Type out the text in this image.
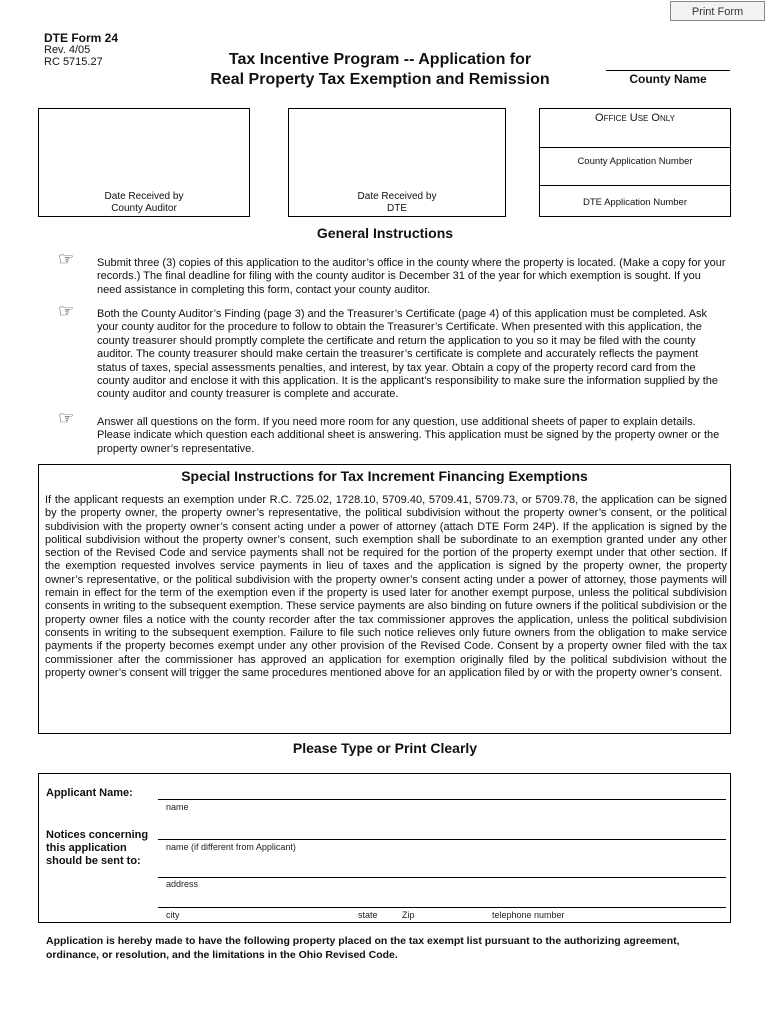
Print Form
DTE Form 24
Rev. 4/05
RC 5715.27	Tax Incentive Program -- Application for
Real Property Tax Exemption and Remission	County Name
Date Received by
County Auditor
Date Received by
DTE
Office Use Only
County Application Number
DTE Application Number
General Instructions
☞ Submit three (3) copies of this application to the auditor’s office in the county where the property is located. (Make a copy for your records.) The final deadline for filing with the county auditor is December 31 of the year for which exemption is sought. If you need assistance in completing this form, contact your county auditor.
☞ Both the County Auditor’s Finding (page 3) and the Treasurer’s Certificate (page 4) of this application must be completed. Ask your county auditor for the procedure to follow to obtain the Treasurer’s Certificate. When presented with this application, the county treasurer should promptly complete the certificate and return the application to you so it may be filed with the county auditor. The county treasurer should make certain the treasurer’s certificate is complete and accurately reflects the payment status of taxes, special assessments penalties, and interest, by tax year. Obtain a copy of the property record card from the county auditor and enclose it with this application. It is the applicant’s responsibility to make sure the information supplied by the county auditor and county treasurer is complete and accurate.
☞ Answer all questions on the form. If you need more room for any question, use additional sheets of paper to explain details. Please indicate which question each additional sheet is answering. This application must be signed by the property owner or the property owner’s representative.
Special Instructions for Tax Increment Financing Exemptions
If the applicant requests an exemption under R.C. 725.02, 1728.10, 5709.40, 5709.41, 5709.73, or 5709.78, the application can be signed by the property owner, the property owner’s representative, the political subdivision without the property owner’s consent, or the political subdivision with the property owner’s consent acting under a power of attorney (attach DTE Form 24P). If the application is signed by the political subdivision without the property owner’s consent, such exemption shall be subordinate to an exemption granted under any other section of the Revised Code and service payments shall not be required for the portion of the property exempt under that other section. If the exemption requested involves service payments in lieu of taxes and the application is signed by the property owner, the property owner’s representative, or the political subdivision with the property owner’s consent acting under a power of attorney, those payments will remain in effect for the term of the exemption even if the property is used later for another exempt purpose, unless the political subdivision consents in writing to the subsequent exemption. These service payments are also binding on future owners if the political subdivision or the property owner files a notice with the county recorder after the tax commissioner approves the application, unless the political subdivision consents in writing to the subsequent exemption. Failure to file such notice relieves only future owners from the obligation to make service payments if the property becomes exempt under any other provision of the Revised Code. Consent by a property owner filed with the tax commissioner after the commissioner has approved an application for exemption originally filed by the political subdivision without the property owner’s consent will trigger the same procedures mentioned above for an application filed by or with the property owner’s consent.
Please Type or Print Clearly
Applicant Name:
name
Notices concerning
this application
should be sent to:
name (if different from Applicant)
address
city	state	Zip	telephone number
Application is hereby made to have the following property placed on the tax exempt list pursuant to the authorizing agreement, ordinance, or resolution, and the limitations in the Ohio Revised Code.
